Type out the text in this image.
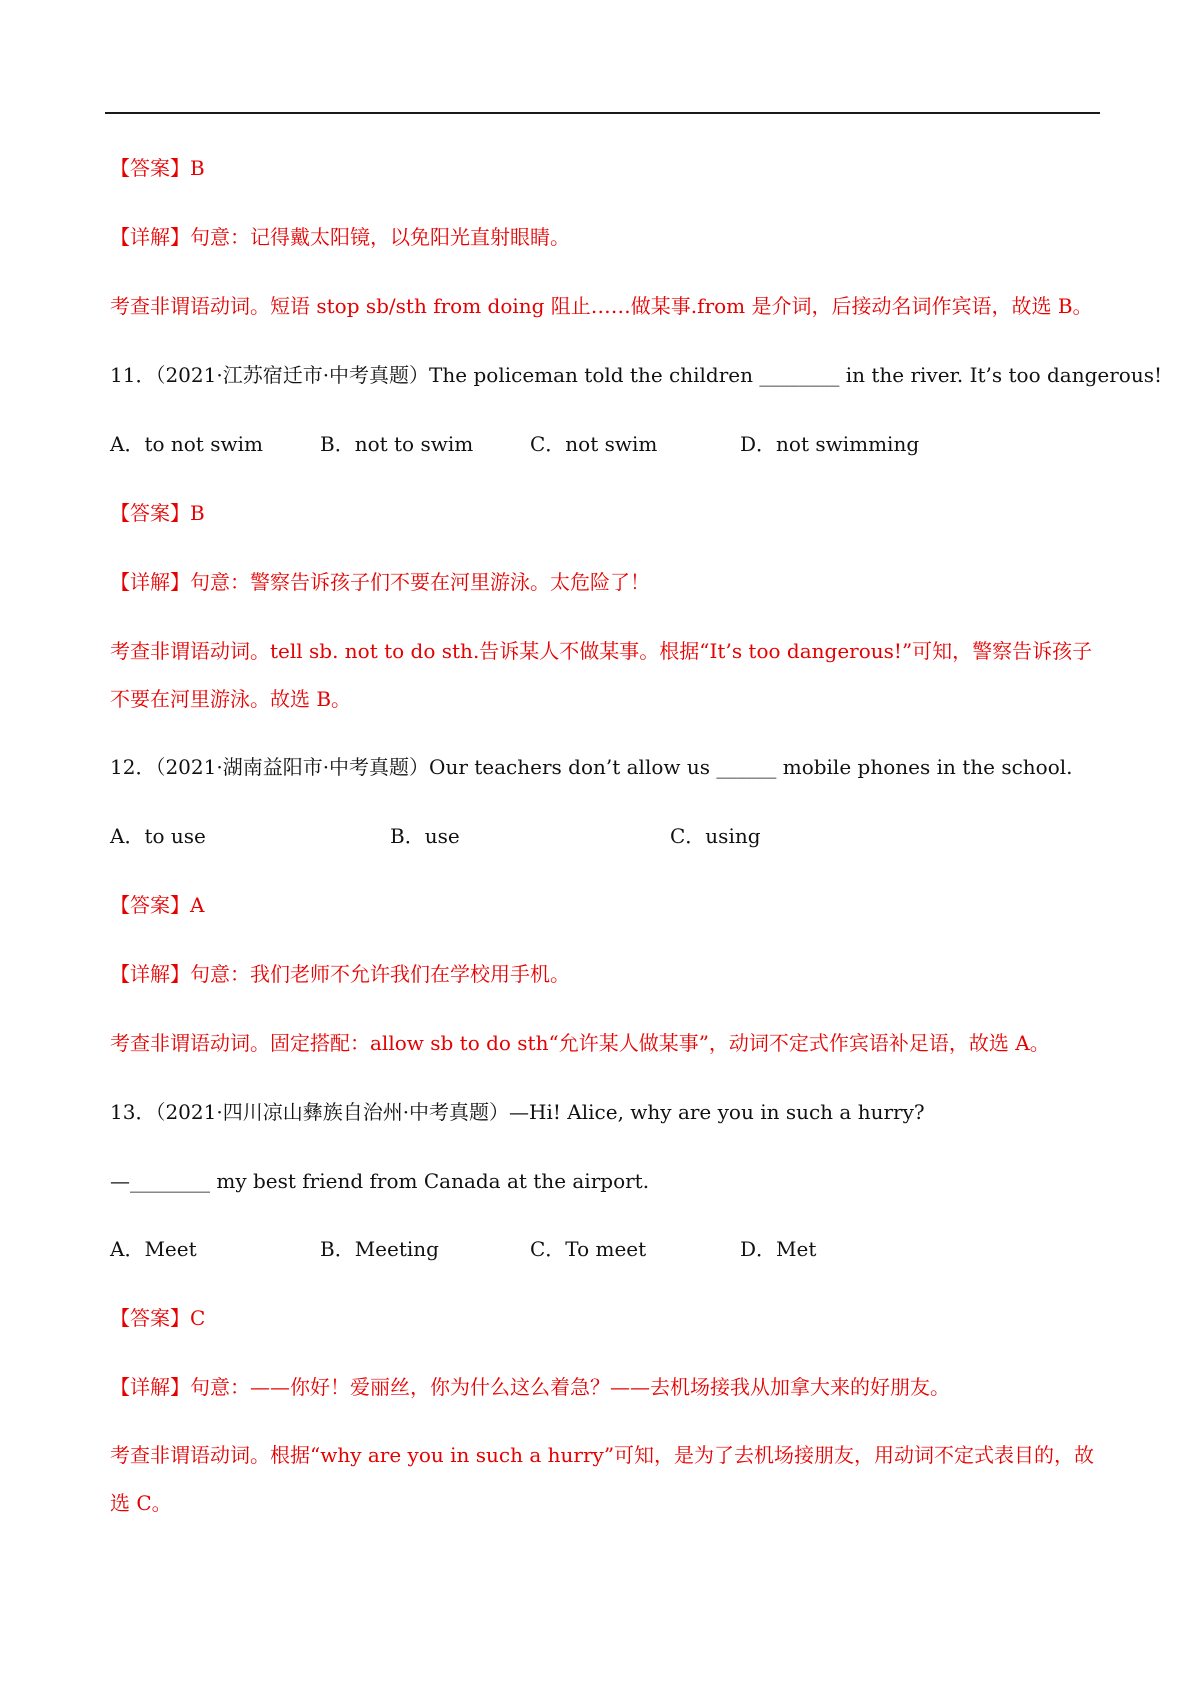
【答案】B
【详解】句意：记得戴太阳镜，以免阳光直射眼睛。
考查非谓语动词。短语 stop sb/sth from doing 阻止……做某事.from 是介词，后接动名词作宾语，故选 B。
11．（2021·江苏宿迁市·中考真题）The policeman told the children ________ in the river. It’s too dangerous!
A．to not swim	B．not to swim	C．not swim	D．not swimming
【答案】B
【详解】句意：警察告诉孩子们不要在河里游泳。太危险了！
考查非谓语动词。tell sb. not to do sth.告诉某人不做某事。根据“It’s too dangerous!”可知，警察告诉孩子不要在河里游泳。故选 B。
12．（2021·湖南益阳市·中考真题）Our teachers don’t allow us ______ mobile phones in the school.
A．to use	B．use	C．using
【答案】A
【详解】句意：我们老师不允许我们在学校用手机。
考查非谓语动词。固定搭配：allow sb to do sth“允许某人做某事”，动词不定式作宾语补足语，故选 A。
13．（2021·四川凉山彝族自治州·中考真题）—Hi! Alice, why are you in such a hurry?
—________ my best friend from Canada at the airport.
A．Meet	B．Meeting	C．To meet	D．Met
【答案】C
【详解】句意：——你好！爱丽丝，你为什么这么着急？——去机场接我从加拿大来的好朋友。
考查非谓语动词。根据“why are you in such a hurry”可知，是为了去机场接朋友，用动词不定式表目的，故选 C。
